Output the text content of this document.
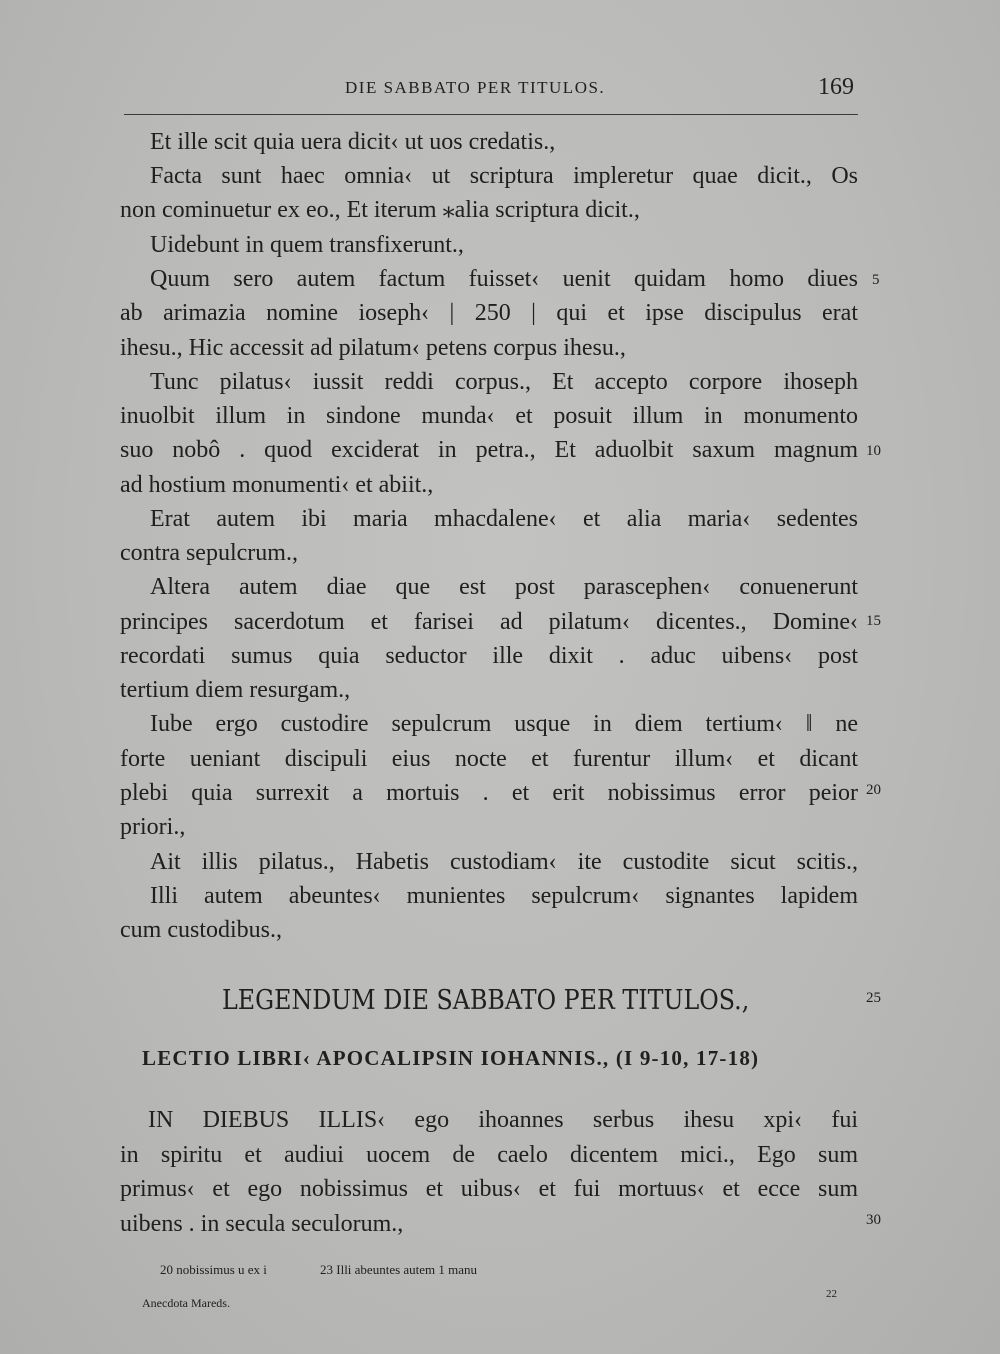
DIE SABBATO PER TITULOS.	169
Et ille scit quia uera dicit‹ ut uos credatis.,
Facta sunt haec omnia‹ ut scriptura impleretur quae dicit., Os
non cominuetur ex eo., Et iterum ⁎alia scriptura dicit.,
Uidebunt in quem transfixerunt.,
Quum sero autem factum fuisset‹ uenit quidam homo diues
ab arimazia nomine ioseph‹ | 250 | qui et ipse discipulus erat
ihesu., Hic accessit ad pilatum‹ petens corpus ihesu.,
Tunc pilatus‹ iussit reddi corpus., Et accepto corpore ihoseph
inuolbit illum in sindone munda‹ et posuit illum in monumento
suo nobô . quod exciderat in petra., Et aduolbit saxum magnum
ad hostium monumenti‹ et abiit.,
Erat autem ibi maria mhacdalene‹ et alia maria‹ sedentes
contra sepulcrum.,
Altera autem diae que est post parascephen‹ conuenerunt
principes sacerdotum et farisei ad pilatum‹ dicentes., Domine‹
recordati sumus quia seductor ille dixit . aduc uibens‹ post
tertium diem resurgam.,
Iube ergo custodire sepulcrum usque in diem tertium‹ ‖ ne
forte ueniant discipuli eius nocte et furentur illum‹ et dicant
plebi quia surrexit a mortuis . et erit nobissimus error peior
priori.,
Ait illis pilatus., Habetis custodiam‹ ite custodite sicut scitis.,
Illi autem abeuntes‹ munientes sepulcrum‹ signantes lapidem
cum custodibus.,
5
10
15
20
25
30
LEGENDUM DIE SABBATO PER TITULOS.,
LECTIO LIBRI‹ APOCALIPSIN IOHANNIS., (I 9-10, 17-18)
IN DIEBUS ILLIS‹ ego ihoannes serbus ihesu xpi‹ fui
in spiritu et audiui uocem de caelo dicentem mici., Ego sum
primus‹ et ego nobissimus et uibus‹ et fui mortuus‹ et ecce sum
uibens . in secula seculorum.,
20 nobissimus u ex i	23 Illi abeuntes autem 1 manu
Anecdota Mareds.
22
